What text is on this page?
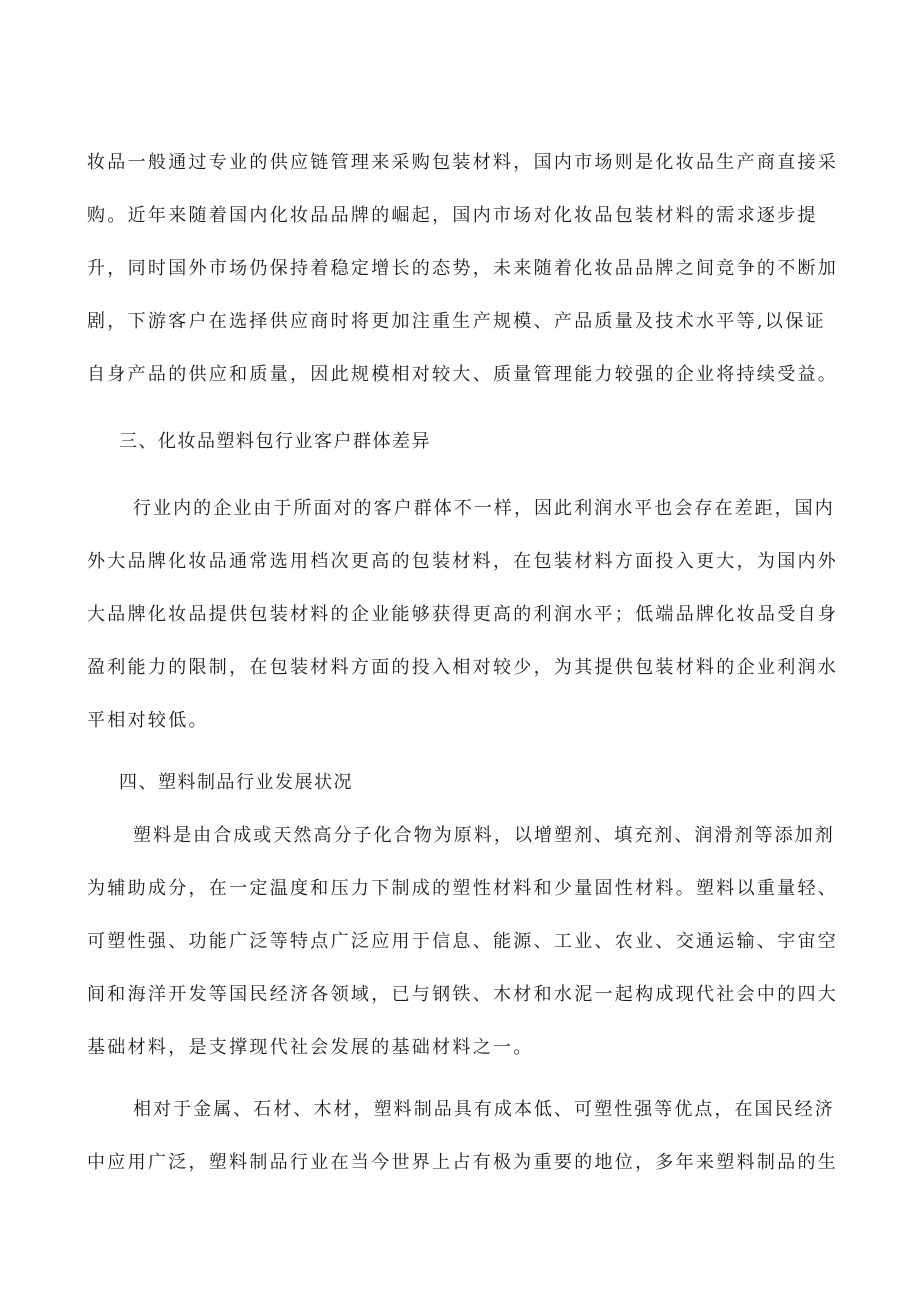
妆品一般通过专业的供应链管理来采购包装材料，国内市场则是化妆品生产商直接采
购。近年来随着国内化妆品品牌的崛起，国内市场对化妆品包装材料的需求逐步提
升，同时国外市场仍保持着稳定增长的态势，未来随着化妆品品牌之间竞争的不断加
剧，下游客户在选择供应商时将更加注重生产规模、产品质量及技术水平等,以保证
自身产品的供应和质量，因此规模相对较大、质量管理能力较强的企业将持续受益。
三、化妆品塑料包行业客户群体差异
行业内的企业由于所面对的客户群体不一样，因此利润水平也会存在差距，国内
外大品牌化妆品通常选用档次更高的包装材料，在包装材料方面投入更大，为国内外
大品牌化妆品提供包装材料的企业能够获得更高的利润水平；低端品牌化妆品受自身
盈利能力的限制，在包装材料方面的投入相对较少，为其提供包装材料的企业利润水
平相对较低。
四、塑料制品行业发展状况
塑料是由合成或天然高分子化合物为原料，以增塑剂、填充剂、润滑剂等添加剂
为辅助成分，在一定温度和压力下制成的塑性材料和少量固性材料。塑料以重量轻、
可塑性强、功能广泛等特点广泛应用于信息、能源、工业、农业、交通运输、宇宙空
间和海洋开发等国民经济各领域，已与钢铁、木材和水泥一起构成现代社会中的四大
基础材料，是支撑现代社会发展的基础材料之一。
相对于金属、石材、木材，塑料制品具有成本低、可塑性强等优点，在国民经济
中应用广泛，塑料制品行业在当今世界上占有极为重要的地位，多年来塑料制品的生
